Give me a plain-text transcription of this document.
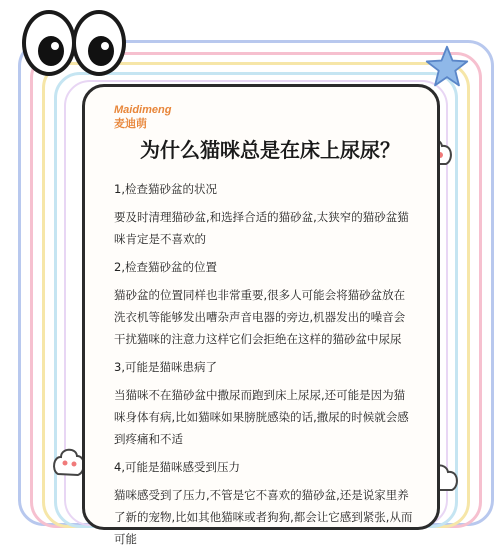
Maidimeng
麦迪萌
为什么猫咪总是在床上尿尿？

1,检查猫砂盆的状况

要及时清理猫砂盆,和选择合适的猫砂盆,太狭窄的猫砂盆猫咪肯定是不喜欢的

2,检查猫砂盆的位置

猫砂盆的位置同样也非常重要,很多人可能会将猫砂盆放在洗衣机等能够发出嘈杂声音电器的旁边,机器发出的噪音会干扰猫咪的注意力这样它们会拒绝在这样的猫砂盆中尿尿

3,可能是猫咪患病了

当猫咪不在猫砂盆中撒尿而跑到床上尿尿,还可能是因为猫咪身体有病,比如猫咪如果膀胱感染的话,撒尿的时候就会感到疼痛和不适

4,可能是猫咪感受到压力

猫咪感受到了压力,不管是它不喜欢的猫砂盆,还是说家里养了新的宠物,比如其他猫咪或者狗狗,都会让它感到紧张,从而可能
